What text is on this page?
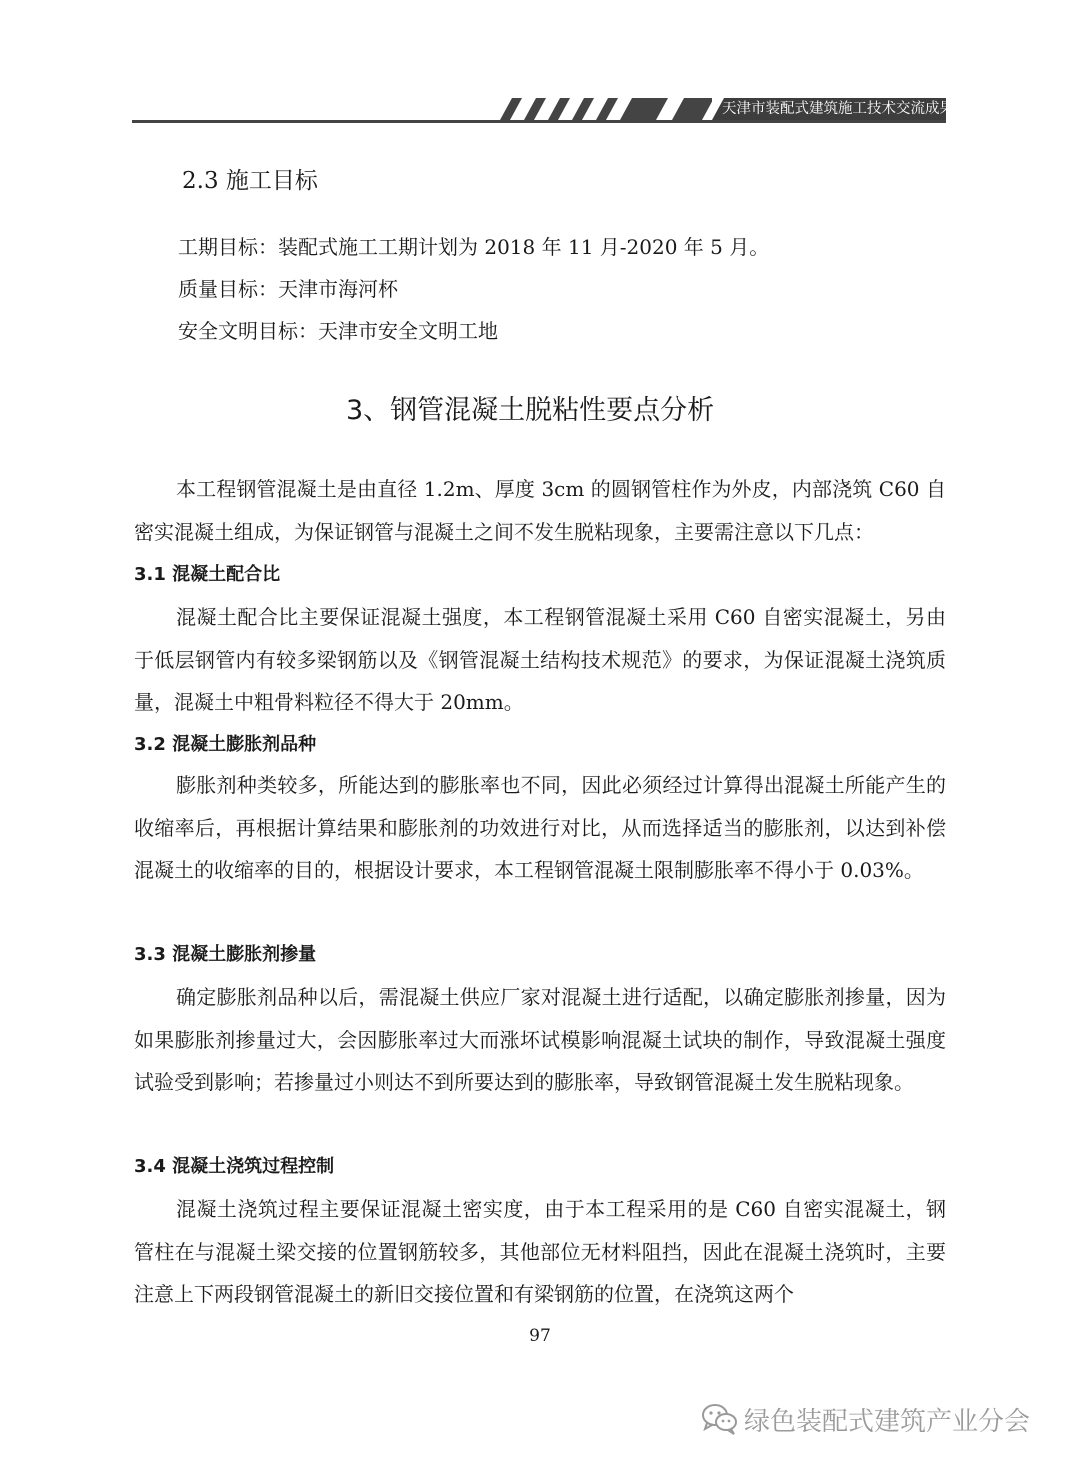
天津市装配式建筑施工技术交流成果（2019版）
2.3 施工目标
工期目标：装配式施工工期计划为 2018 年 11 月-2020 年 5 月。
质量目标：天津市海河杯
安全文明目标：天津市安全文明工地
3、钢管混凝土脱粘性要点分析
本工程钢管混凝土是由直径 1.2m、厚度 3cm 的圆钢管柱作为外皮，内部浇筑 C60 自密实混凝土组成，为保证钢管与混凝土之间不发生脱粘现象，主要需注意以下几点：
3.1 混凝土配合比
混凝土配合比主要保证混凝土强度，本工程钢管混凝土采用 C60 自密实混凝土，另由于低层钢管内有较多梁钢筋以及《钢管混凝土结构技术规范》的要求，为保证混凝土浇筑质量，混凝土中粗骨料粒径不得大于 20mm。
3.2 混凝土膨胀剂品种
膨胀剂种类较多，所能达到的膨胀率也不同，因此必须经过计算得出混凝土所能产生的收缩率后，再根据计算结果和膨胀剂的功效进行对比，从而选择适当的膨胀剂，以达到补偿混凝土的收缩率的目的，根据设计要求，本工程钢管混凝土限制膨胀率不得小于 0.03%。
3.3 混凝土膨胀剂掺量
确定膨胀剂品种以后，需混凝土供应厂家对混凝土进行适配，以确定膨胀剂掺量，因为如果膨胀剂掺量过大，会因膨胀率过大而涨坏试模影响混凝土试块的制作，导致混凝土强度试验受到影响；若掺量过小则达不到所要达到的膨胀率，导致钢管混凝土发生脱粘现象。
3.4 混凝土浇筑过程控制
混凝土浇筑过程主要保证混凝土密实度，由于本工程采用的是 C60 自密实混凝土，钢管柱在与混凝土梁交接的位置钢筋较多，其他部位无材料阻挡，因此在混凝土浇筑时，主要注意上下两段钢管混凝土的新旧交接位置和有梁钢筋的位置，在浇筑这两个
97
绿色装配式建筑产业分会
